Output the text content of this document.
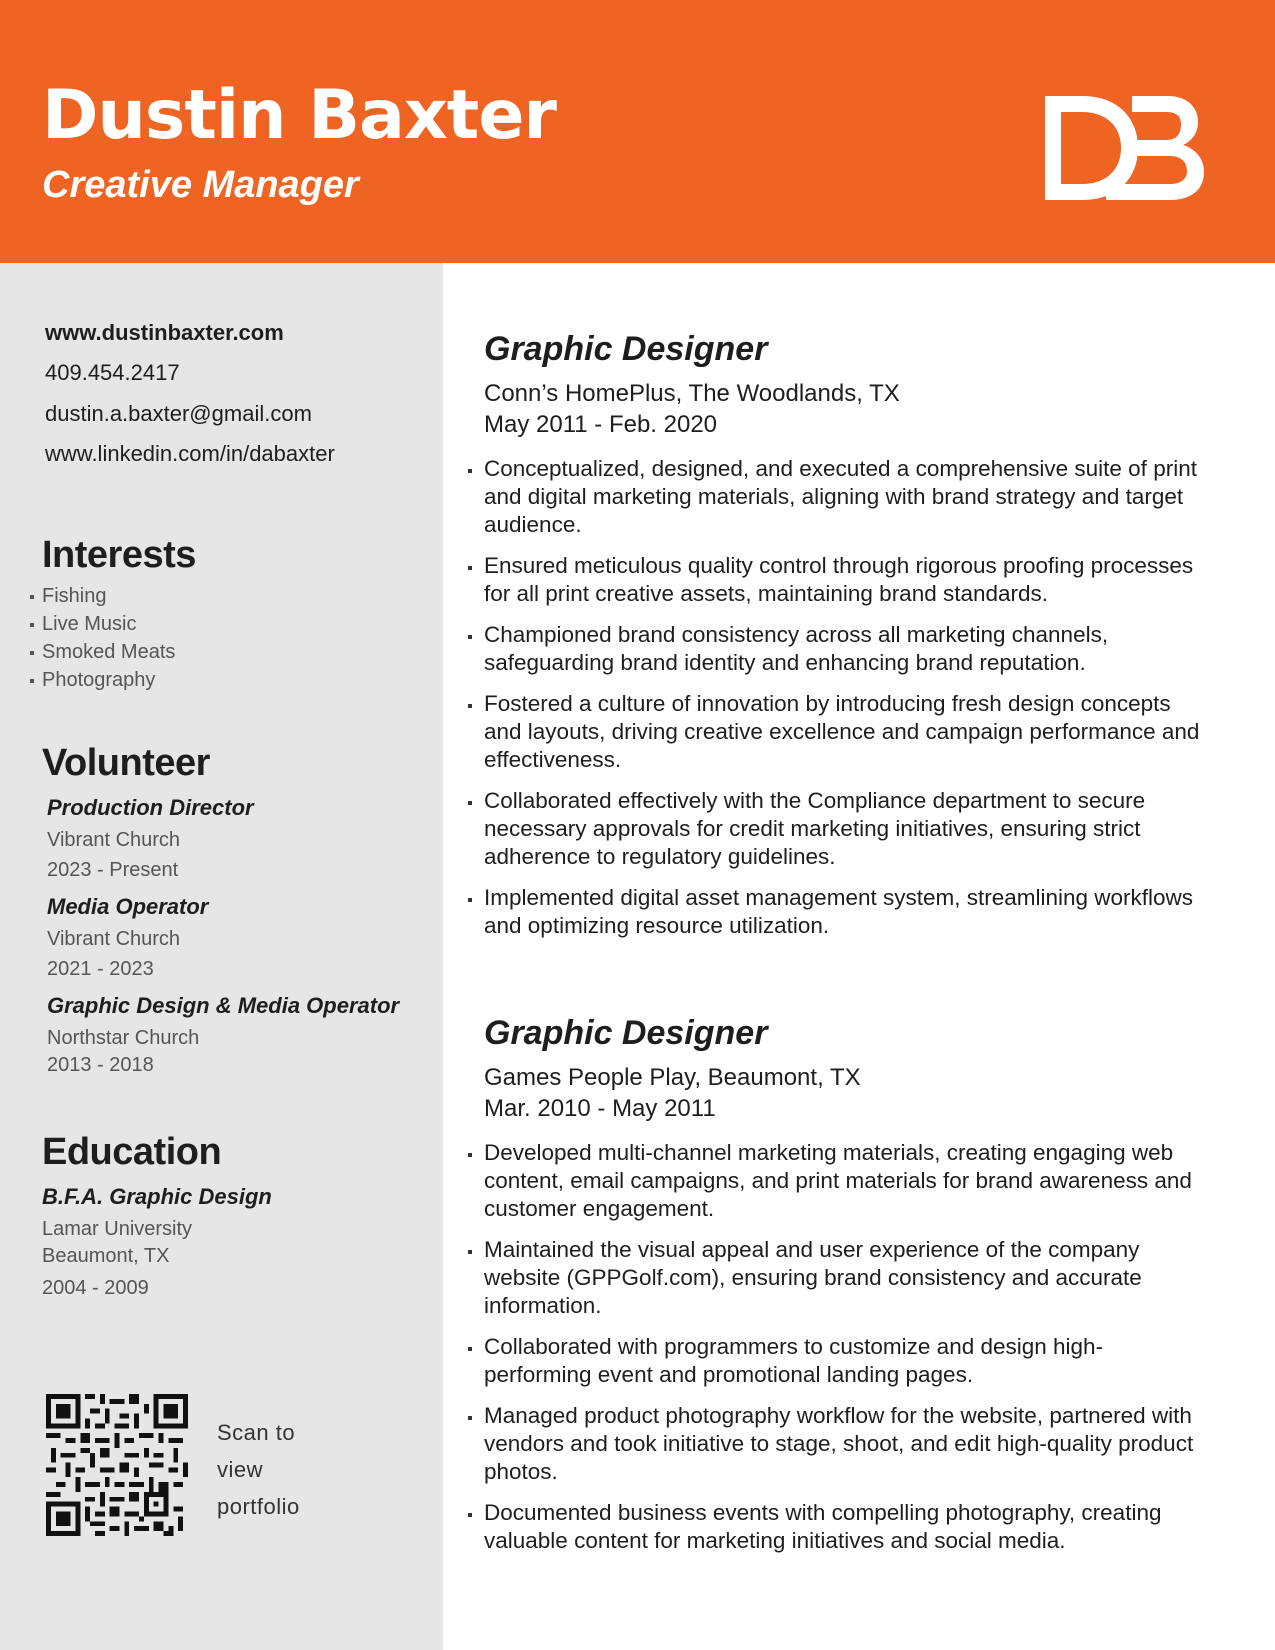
Dustin Baxter

Creative Manager

www.dustinbaxter.com

409.454.2417

dustin.a.baxter@gmail.com

www.linkedin.com/in/dabaxter

Interests
Fishing
Live Music
Smoked Meats
Photography
Volunteer

Production Director

Vibrant Church

2023 - Present

Media Operator

Vibrant Church

2021 - 2023

Graphic Design & Media Operator

Northstar Church

2013 - 2018

Education

B.F.A. Graphic Design

Lamar University

Beaumont, TX

2004 - 2009

Scan to
view
portfolio
Graphic Designer

Conn’s HomePlus, The Woodlands, TX
May 2011 - Feb. 2020

Conceptualized, designed, and executed a comprehensive suite of print and digital marketing materials, aligning with brand strategy and target audience.
Ensured meticulous quality control through rigorous proofing processes for all print creative assets, maintaining brand standards.
Championed brand consistency across all marketing channels, safeguarding brand identity and enhancing brand reputation.
Fostered a culture of innovation by introducing fresh design concepts and layouts, driving creative excellence and campaign performance and effectiveness.
Collaborated effectively with the Compliance department to secure necessary approvals for credit marketing initiatives, ensuring strict adherence to regulatory guidelines.
Implemented digital asset management system, streamlining workflows and optimizing resource utilization.
Graphic Designer

Games People Play, Beaumont, TX
Mar. 2010 - May 2011

Developed multi-channel marketing materials, creating engaging web content, email campaigns, and print materials for brand awareness and customer engagement.
Maintained the visual appeal and user experience of the company website (GPPGolf.com), ensuring brand consistency and accurate information.
Collaborated with programmers to customize and design high-performing event and promotional landing pages.
Managed product photography workflow for the website, partnered with vendors and took initiative to stage, shoot, and edit high-quality product photos.
Documented business events with compelling photography, creating valuable content for marketing initiatives and social media.
